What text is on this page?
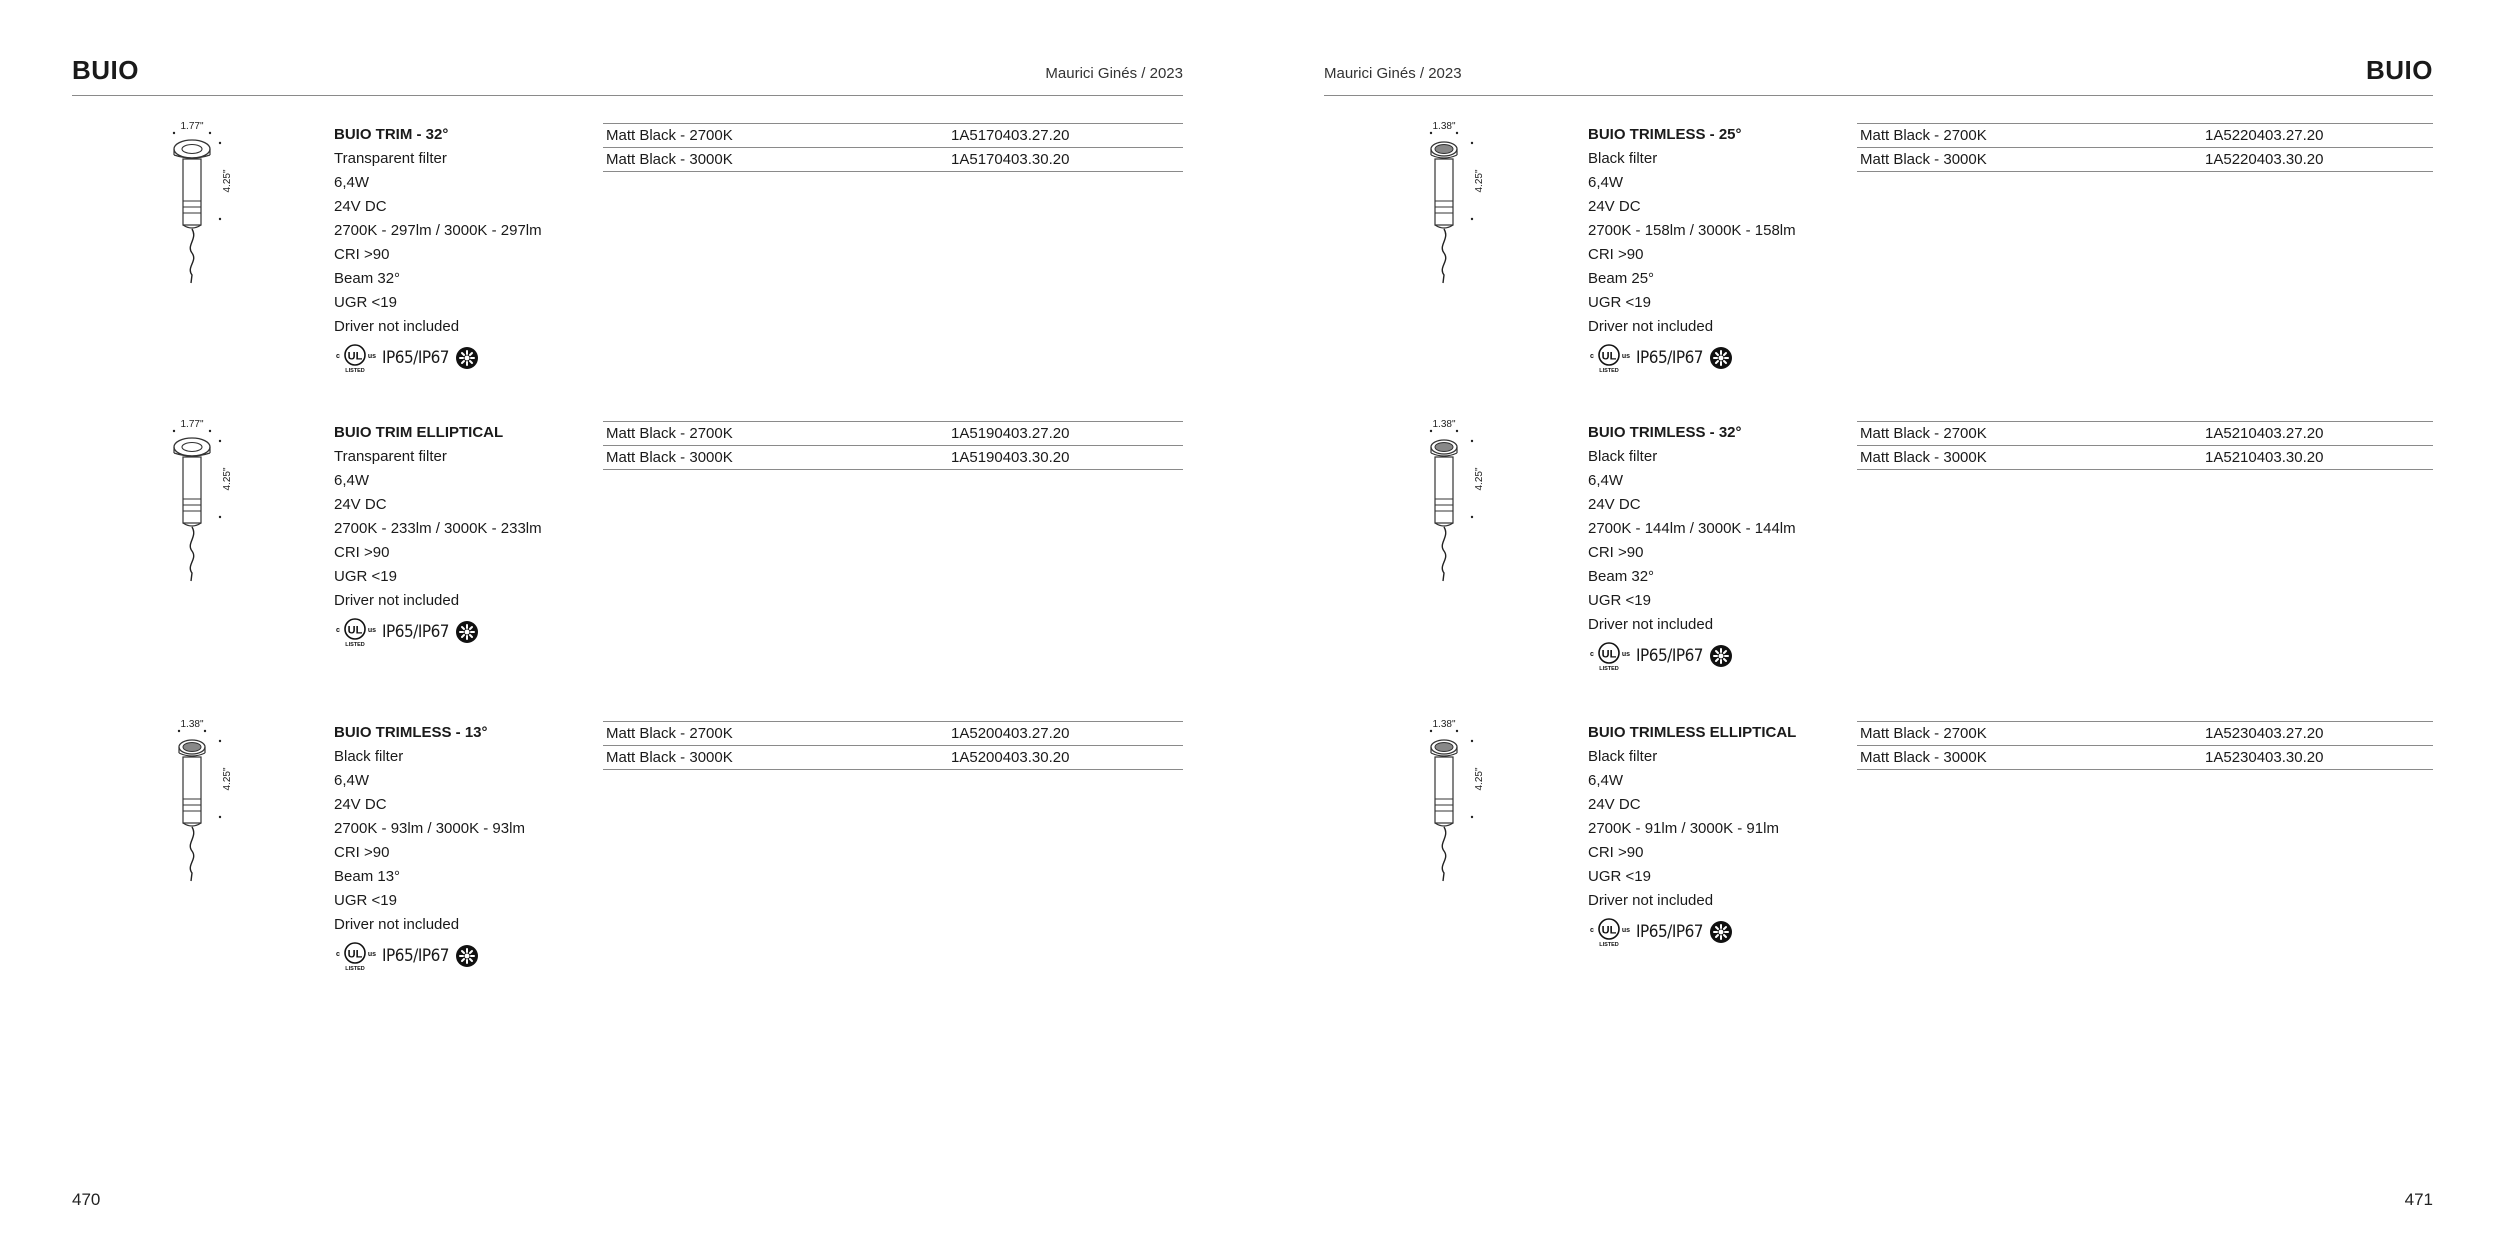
BUIO	Maurici Ginés / 2023
1.77"
4.25"
BUIO TRIM - 32°
Transparent filter
6,4W
24V DC
2700K - 297lm / 3000K - 297lm
CRI >90
Beam 32°
UGR <19
Driver not included
UL
c	us
LISTED
IP65/IP67
Matt Black - 2700K	1A5170403.27.20
Matt Black - 3000K	1A5170403.30.20
1.77"
4.25"
BUIO TRIM ELLIPTICAL
Transparent filter
6,4W
24V DC
2700K - 233lm / 3000K - 233lm
CRI >90
UGR <19
Driver not included
UL
c	us
LISTED
IP65/IP67
Matt Black - 2700K	1A5190403.27.20
Matt Black - 3000K	1A5190403.30.20
1.38"
4.25"
BUIO TRIMLESS - 13°
Black filter
6,4W
24V DC
2700K - 93lm / 3000K - 93lm
CRI >90
Beam 13°
UGR <19
Driver not included
UL
c	us
LISTED
IP65/IP67
Matt Black - 2700K	1A5200403.27.20
Matt Black - 3000K	1A5200403.30.20
470
BUIO
Maurici Ginés / 2023
1.38"
4.25"
BUIO TRIMLESS - 25°
Black filter
6,4W
24V DC
2700K - 158lm / 3000K - 158lm
CRI >90
Beam 25°
UGR <19
Driver not included
UL
c	us
LISTED
IP65/IP67
Matt Black - 2700K	1A5220403.27.20
Matt Black - 3000K	1A5220403.30.20
1.38"
4.25"
BUIO TRIMLESS - 32°
Black filter
6,4W
24V DC
2700K - 144lm / 3000K - 144lm
CRI >90
Beam 32°
UGR <19
Driver not included
UL
c	us
LISTED
IP65/IP67
Matt Black - 2700K	1A5210403.27.20
Matt Black - 3000K	1A5210403.30.20
1.38"
4.25"
BUIO TRIMLESS ELLIPTICAL
Black filter
6,4W
24V DC
2700K - 91lm / 3000K - 91lm
CRI >90
UGR <19
Driver not included
UL
c	us
LISTED
IP65/IP67
Matt Black - 2700K	1A5230403.27.20
Matt Black - 3000K	1A5230403.30.20
471
